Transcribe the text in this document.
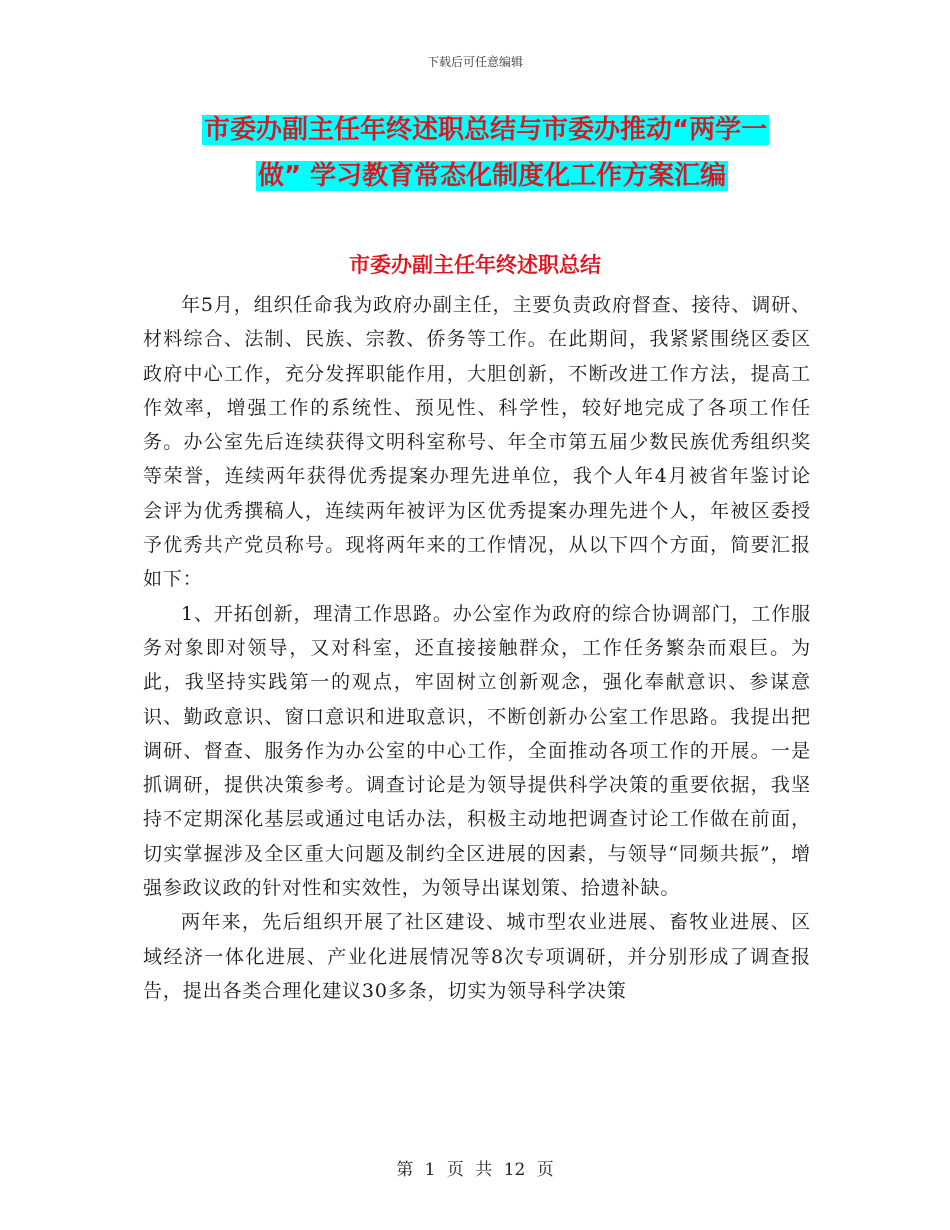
下载后可任意编辑
市委办副主任年终述职总结与市委办推动“两学一
做” 学习教育常态化制度化工作方案汇编
市委办副主任年终述职总结

年5月，组织任命我为政府办副主任，主要负责政府督查、接待、调研、材料综合、法制、民族、宗教、侨务等工作。在此期间，我紧紧围绕区委区政府中心工作，充分发挥职能作用，大胆创新，不断改进工作方法，提高工作效率，增强工作的系统性、预见性、科学性，较好地完成了各项工作任务。办公室先后连续获得文明科室称号、年全市第五届少数民族优秀组织奖等荣誉，连续两年获得优秀提案办理先进单位，我个人年4月被省年鉴讨论会评为优秀撰稿人，连续两年被评为区优秀提案办理先进个人，年被区委授予优秀共产党员称号。现将两年来的工作情况，从以下四个方面，简要汇报如下：

1、开拓创新，理清工作思路。办公室作为政府的综合协调部门，工作服务对象即对领导，又对科室，还直接接触群众，工作任务繁杂而艰巨。为此，我坚持实践第一的观点，牢固树立创新观念，强化奉献意识、参谋意识、勤政意识、窗口意识和进取意识，不断创新办公室工作思路。我提出把调研、督查、服务作为办公室的中心工作，全面推动各项工作的开展。一是抓调研，提供决策参考。调查讨论是为领导提供科学决策的重要依据，我坚持不定期深化基层或通过电话办法，积极主动地把调查讨论工作做在前面，切实掌握涉及全区重大问题及制约全区进展的因素，与领导“同频共振”，增强参政议政的针对性和实效性，为领导出谋划策、拾遗补缺。

两年来，先后组织开展了社区建设、城市型农业进展、畜牧业进展、区域经济一体化进展、产业化进展情况等8次专项调研，并分别形成了调查报告，提出各类合理化建议30多条，切实为领导科学决策

第 1 页 共 12 页
